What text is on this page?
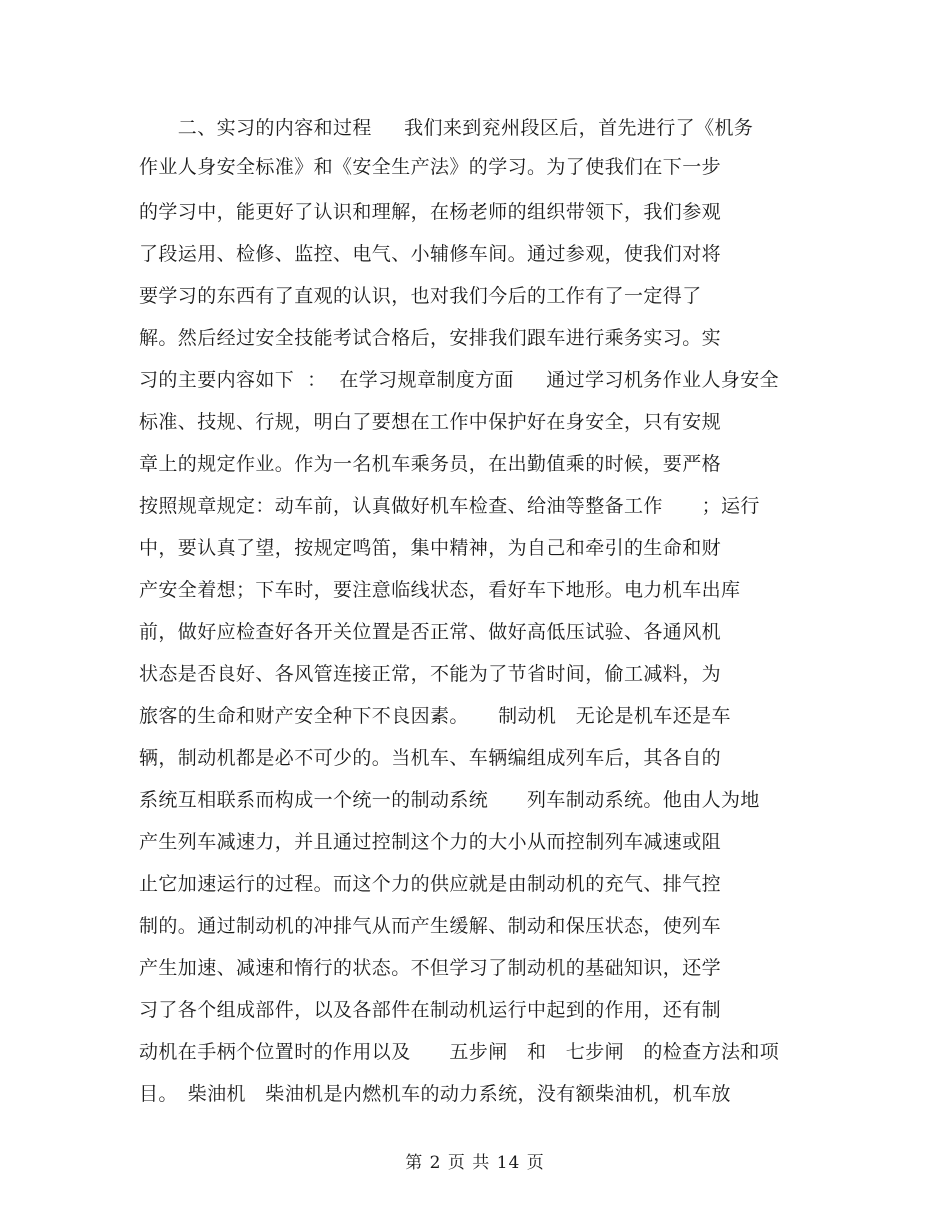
　　二、实习的内容和过程　  我们来到兖州段区后，首先进行了《机务
作业人身安全标准》和《安全生产法》的学习。为了使我们在下一步
的学习中，能更好了认识和理解，在杨老师的组织带领下，我们参观
了段运用、检修、监控、电气、小辅修车间。通过参观，使我们对将
要学习的东西有了直观的认识，也对我们今后的工作有了一定得了
解。然后经过安全技能考试合格后，安排我们跟车进行乘务实习。实
习的主要内容如下  ：  在学习规章制度方面　  通过学习机务作业人身安全
标准、技规、行规，明白了要想在工作中保护好在身安全，只有安规
章上的规定作业。作为一名机车乘务员，在出勤值乘的时候，要严格
按照规章规定：动车前，认真做好机车检查、给油等整备工作　　；运行
中，要认真了望，按规定鸣笛，集中精神，为自己和牵引的生命和财
产安全着想；下车时，要注意临线状态，看好车下地形。电力机车出库
前，做好应检查好各开关位置是否正常、做好高低压试验、各通风机
状态是否良好、各风管连接正常，不能为了节省时间，偷工减料，为
旅客的生命和财产安全种下不良因素。　　制动机　无论是机车还是车
辆，制动机都是必不可少的。当机车、车辆编组成列车后，其各自的
系统互相联系而构成一个统一的制动系统　　列车制动系统。他由人为地
产生列车减速力，并且通过控制这个力的大小从而控制列车减速或阻
止它加速运行的过程。而这个力的供应就是由制动机的充气、排气控
制的。通过制动机的冲排气从而产生缓解、制动和保压状态，使列车
产生加速、减速和惰行的状态。不但学习了制动机的基础知识，还学
习了各个组成部件，以及各部件在制动机运行中起到的作用，还有制
动机在手柄个位置时的作用以及　　五步闸　和　七步闸　的检查方法和项
目。　柴油机　柴油机是内燃机车的动力系统，没有额柴油机，机车放
第 2 页 共 14 页
